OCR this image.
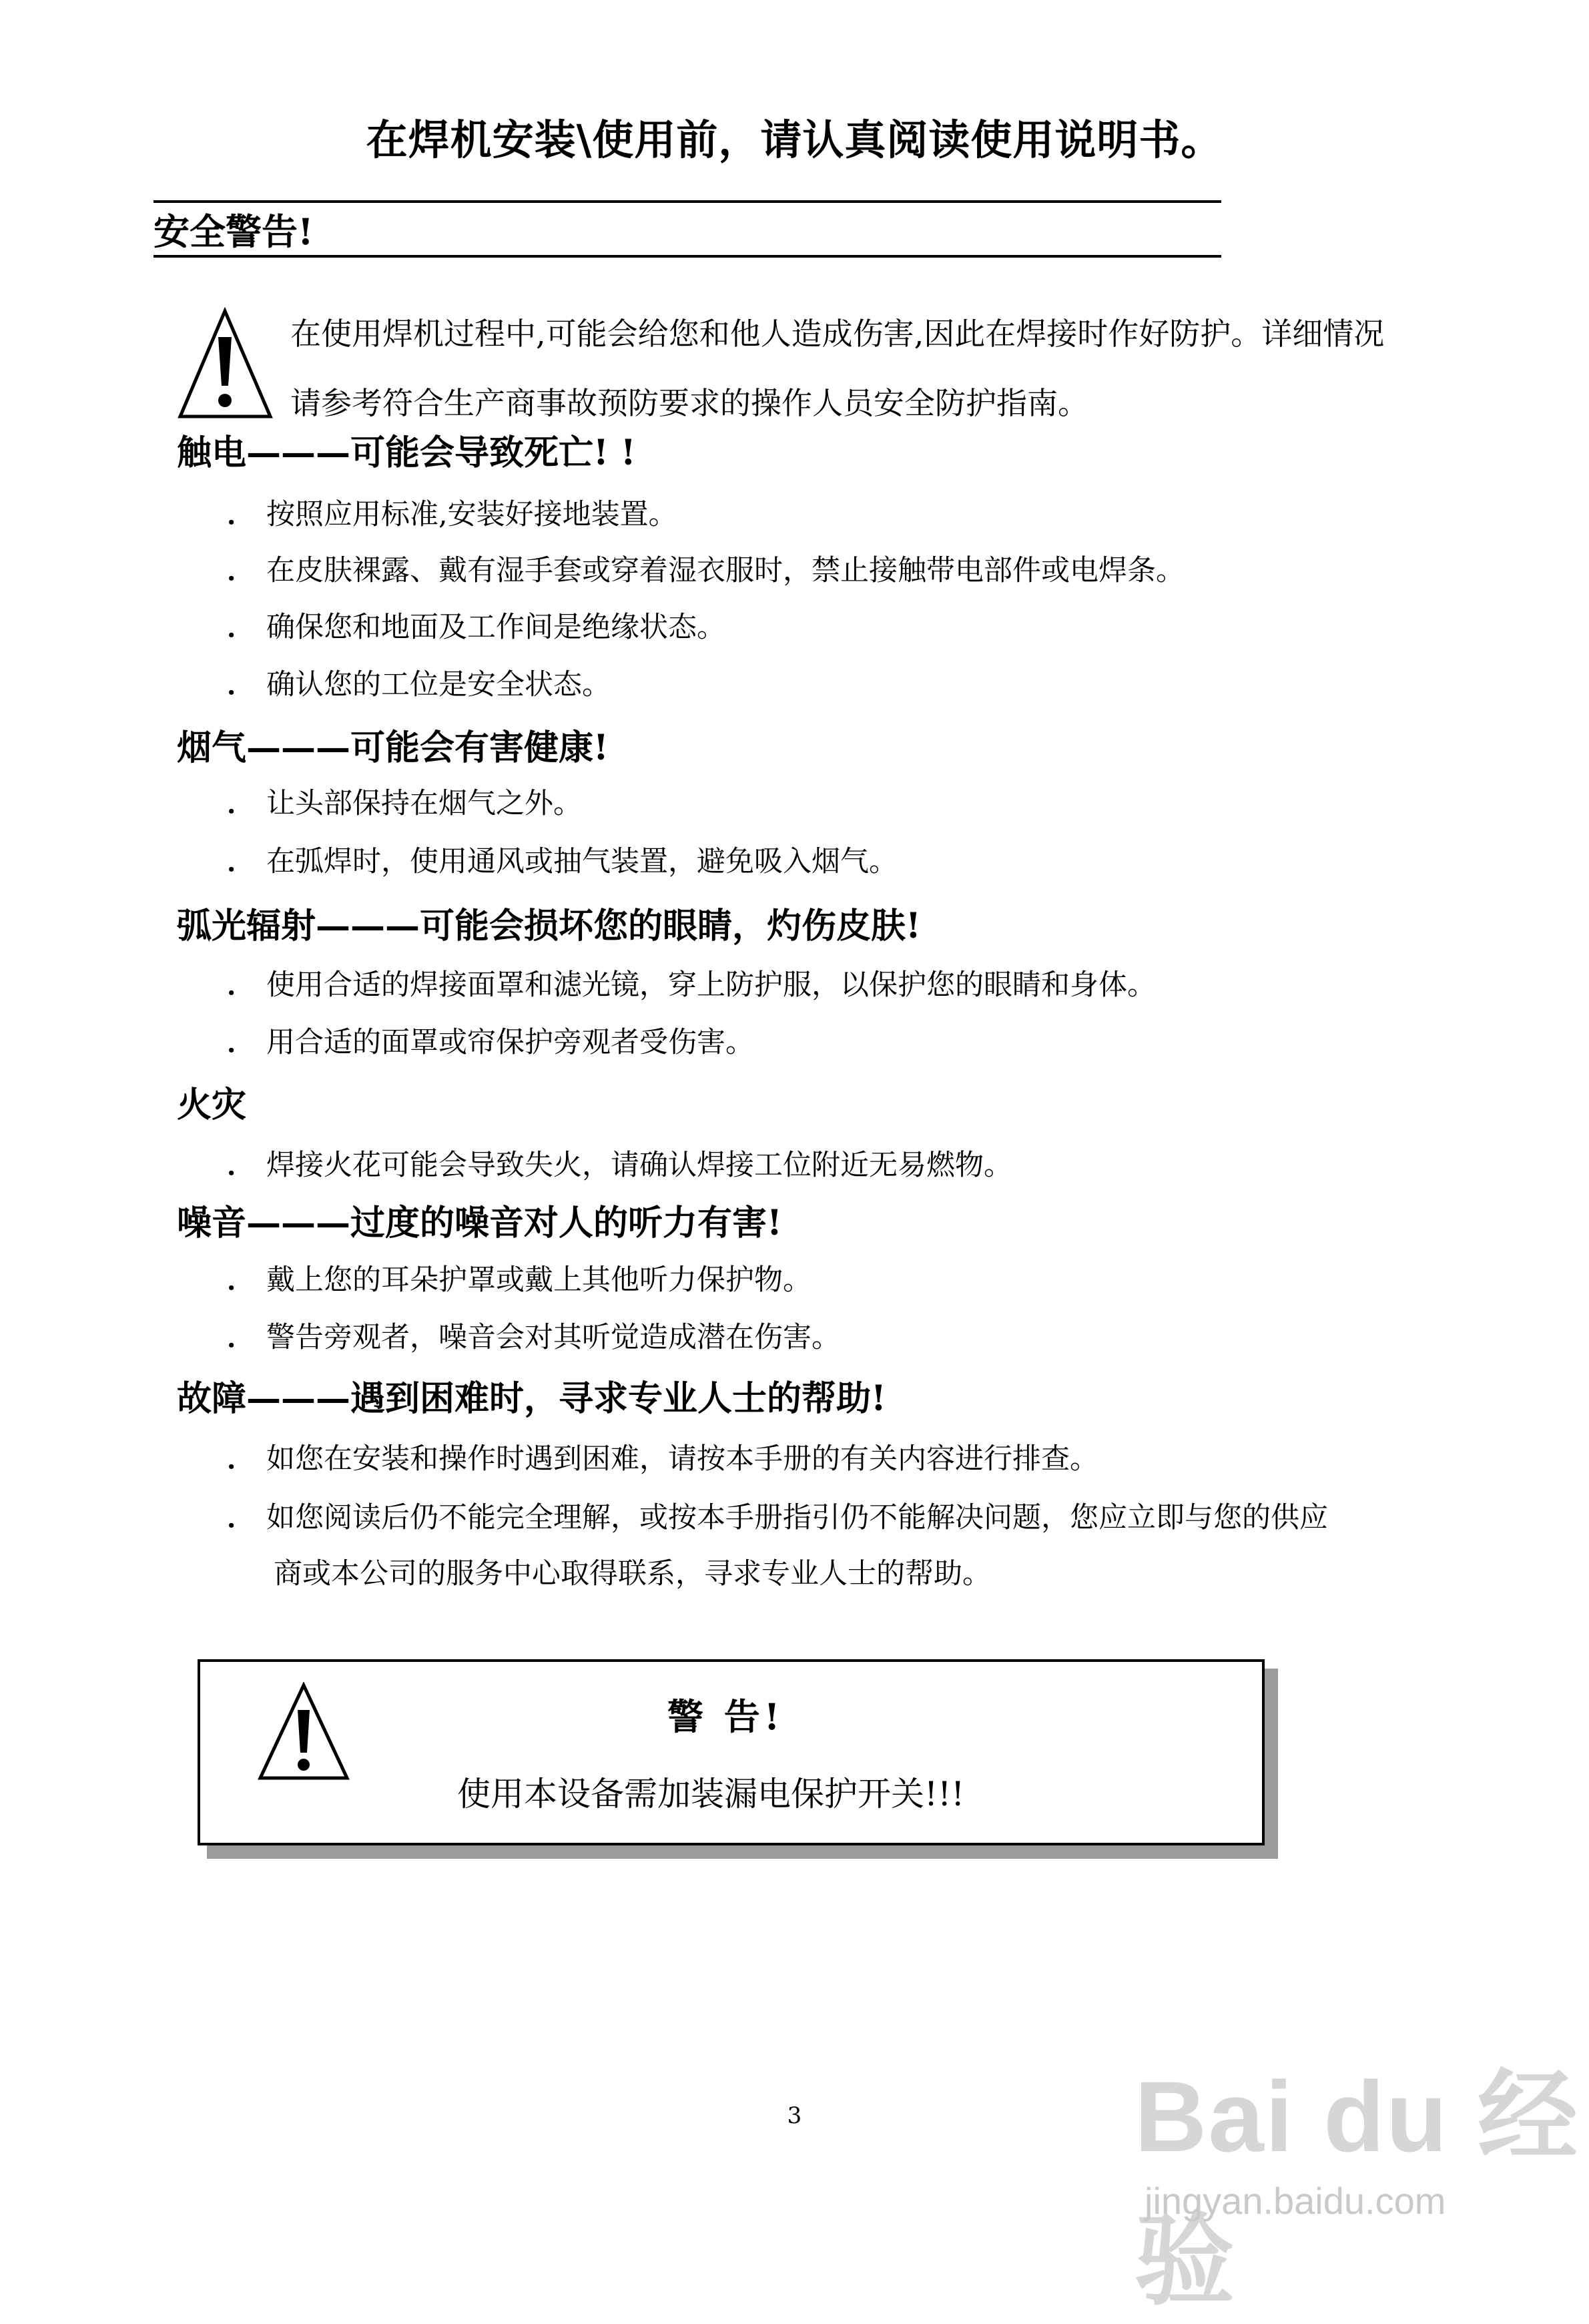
在焊机安装\使用前，请认真阅读使用说明书。
安全警告!
在使用焊机过程中,可能会给您和他人造成伤害,因此在焊接时作好防护。详细情况
请参考符合生产商事故预防要求的操作人员安全防护指南。
触电———可能会导致死亡! !
． 按照应用标准,安装好接地装置。
． 在皮肤裸露、戴有湿手套或穿着湿衣服时，禁止接触带电部件或电焊条。
． 确保您和地面及工作间是绝缘状态。
． 确认您的工位是安全状态。
烟气———可能会有害健康!
． 让头部保持在烟气之外。
． 在弧焊时，使用通风或抽气装置，避免吸入烟气。
弧光辐射———可能会损坏您的眼睛，灼伤皮肤!
． 使用合适的焊接面罩和滤光镜，穿上防护服，以保护您的眼睛和身体。
． 用合适的面罩或帘保护旁观者受伤害。
火灾
． 焊接火花可能会导致失火，请确认焊接工位附近无易燃物。
噪音———过度的噪音对人的听力有害!
． 戴上您的耳朵护罩或戴上其他听力保护物。
． 警告旁观者，噪音会对其听觉造成潜在伤害。
故障———遇到困难时，寻求专业人士的帮助!
． 如您在安装和操作时遇到困难，请按本手册的有关内容进行排查。
． 如您阅读后仍不能完全理解，或按本手册指引仍不能解决问题，您应立即与您的供应
商或本公司的服务中心取得联系，寻求专业人士的帮助。
警 告!
使用本设备需加装漏电保护开关!!!
3	Bai du 经验
jingyan.baidu.com
